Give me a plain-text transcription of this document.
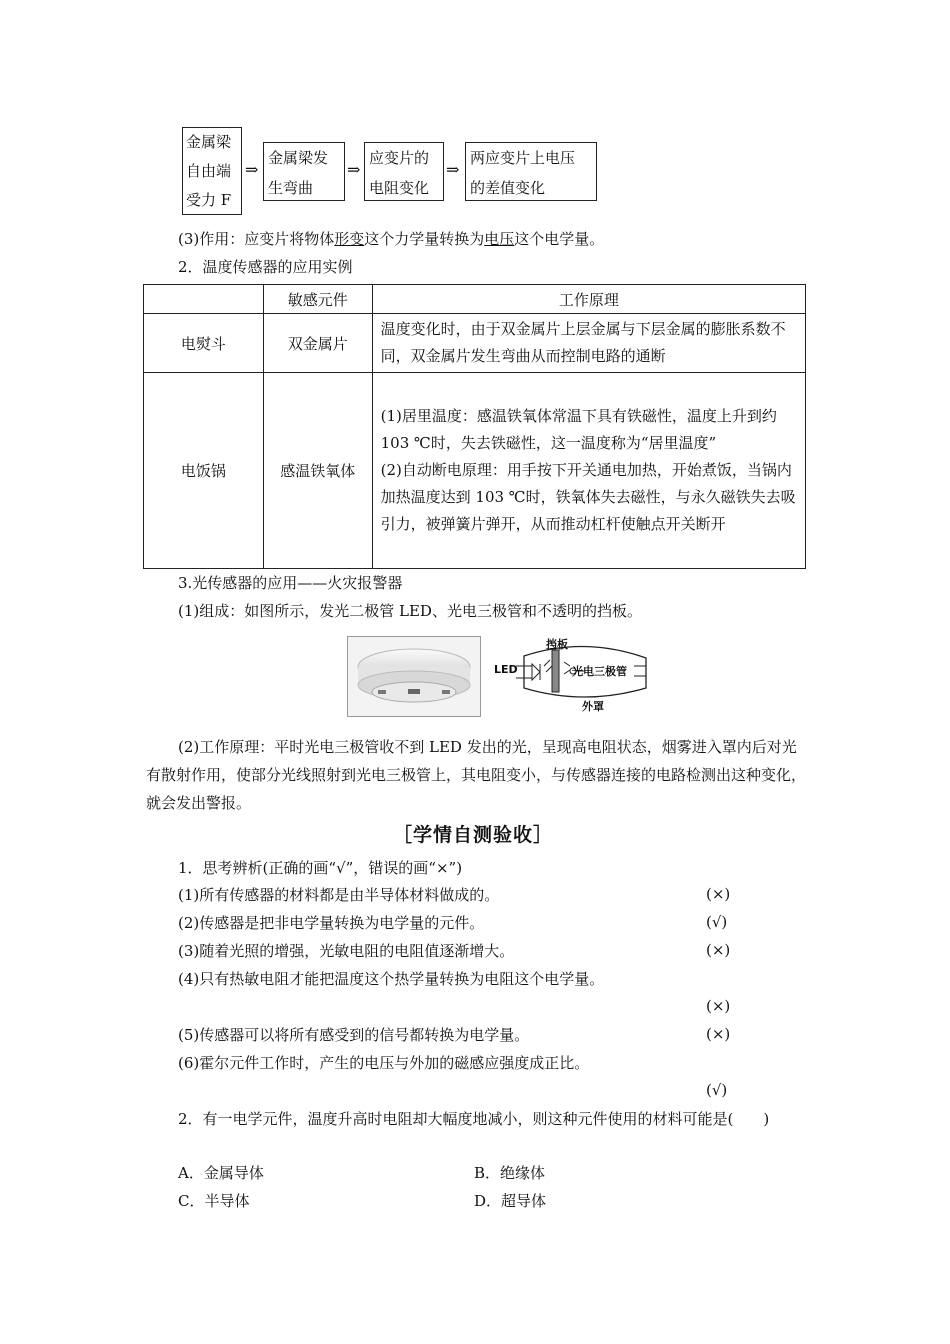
金属梁
自由端
受力 F
⇒
金属梁发
生弯曲
⇒
应变片的
电阻变化
⇒
两应变片上电压
的差值变化
(3)作用：应变片将物体形变这个力学量转换为电压这个电学量。
2．温度传感器的应用实例
	敏感元件	工作原理
电熨斗	双金属片	温度变化时，由于双金属片上层金属与下层金属的膨胀系数不同，双金属片发生弯曲从而控制电路的通断
电饭锅	感温铁氧体	(1)居里温度：感温铁氧体常温下具有铁磁性，温度上升到约 103 ℃时，失去铁磁性，这一温度称为“居里温度”
(2)自动断电原理：用手按下开关通电加热，开始煮饭，当锅内加热温度达到 103 ℃时，铁氧体失去磁性，与永久磁铁失去吸引力，被弹簧片弹开，从而推动杠杆使触点开关断开
3.光传感器的应用——火灾报警器
(1)组成：如图所示，发光二极管 LED、光电三极管和不透明的挡板。
LED
挡板
光电三极管
外罩
(2)工作原理：平时光电三极管收不到 LED 发出的光，呈现高电阻状态，烟雾进入罩内后对光有散射作用，使部分光线照射到光电三极管上，其电阻变小，与传感器连接的电路检测出这种变化，就会发出警报。
［学情自测验收］
1．思考辨析(正确的画“√”，错误的画“×”)
(1)所有传感器的材料都是由半导体材料做成的。	(×)
(2)传感器是把非电学量转换为电学量的元件。	(√)
(3)随着光照的增强，光敏电阻的电阻值逐渐增大。	(×)
(4)只有热敏电阻才能把温度这个热学量转换为电阻这个电学量。
(×)
(5)传感器可以将所有感受到的信号都转换为电学量。	(×)
(6)霍尔元件工作时，产生的电压与外加的磁感应强度成正比。
(√)
2．有一电学元件，温度升高时电阻却大幅度地减小，则这种元件使用的材料可能是(　　)
A．金属导体	B．绝缘体
C．半导体	D．超导体
